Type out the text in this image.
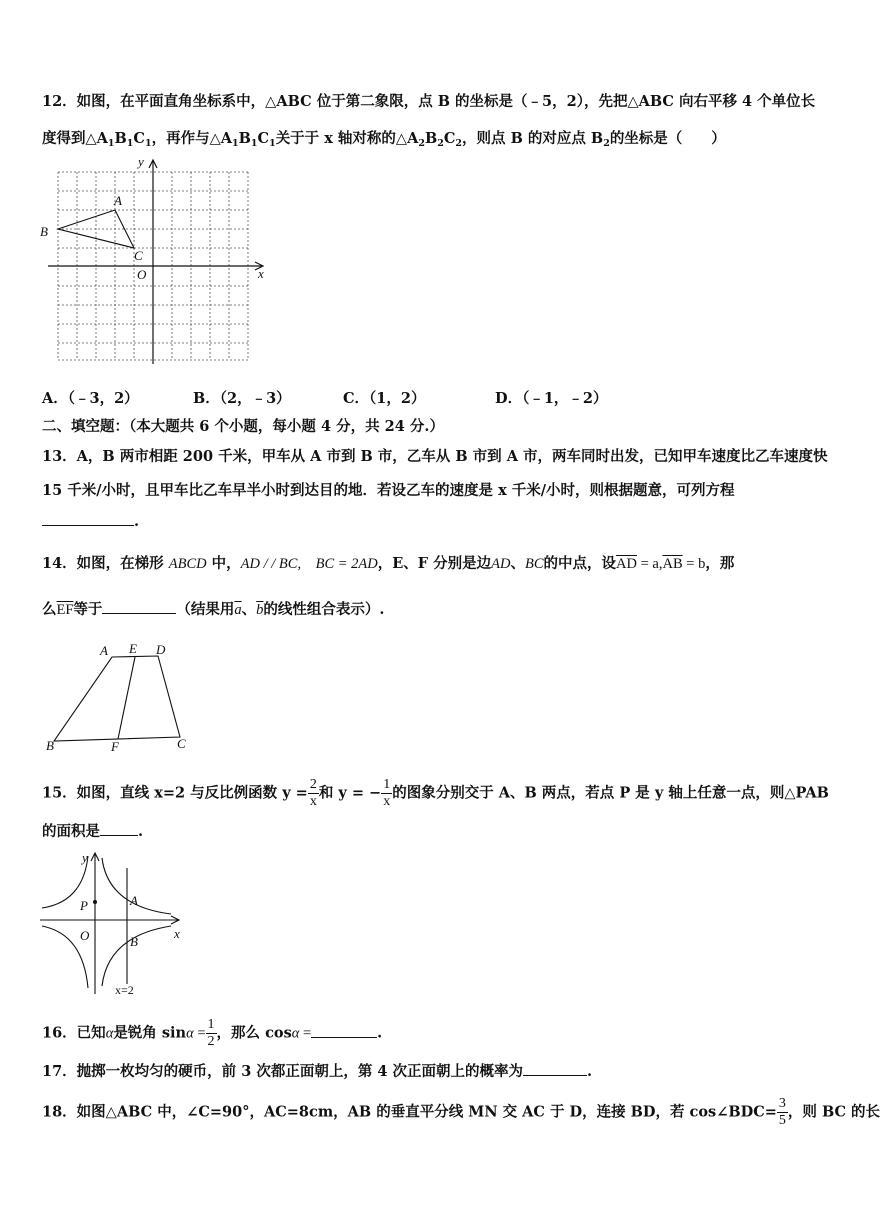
12．如图，在平面直角坐标系中，△ABC 位于第二象限，点 B 的坐标是（﹣5，2），先把△ABC 向右平移 4 个单位长
度得到$\triangle A_1B_1C_1$，再作与$\triangle A_1B_1C_1$关于于 x 轴对称的$\triangle A_2B_2C_2$，则点 B 的对应点 $B_2$的坐标是（　　）
y
x
A
B
C
O
A．（﹣3，2）	B．（2，﹣3）	C．（1，2）	D．（﹣1，﹣2）
二、填空题：（本大题共 6 个小题，每小题 4 分，共 24 分.）
13．A，B 两市相距 200 千米，甲车从 A 市到 B 市，乙车从 B 市到 A 市，两车同时出发，已知甲车速度比乙车速度快
15 千米/小时，且甲车比乙车早半小时到达目的地．若设乙车的速度是 x 千米/小时，则根据题意，可列方程
.
14．如图，在梯形 ABCD 中，AD / / BC,　 BC = 2AD，E、F 分别是边AD、BC的中点，设$\overline{AD} = a,\overline{AB} = b$，那
么$\overline{EF}$等于	（结果用$\overline{a}$、$\overline{b}$的线性组合表示）.
A E D
B	F	C
15．如图，直线 x=2 与反比例函数 $y = \frac{2}{x}$ 和 y = − $\frac{1}{x}$ 的图象分别交于 A、B 两点，若点 P 是 y 轴上任意一点，则△PAB
的面积是	.
y
x
P	A
O	B
x=2
16．已知α是锐角 $\sin\alpha = \frac{1}{2}$ ，那么 cosα =	.
17．抛掷一枚均匀的硬币，前 3 次都正面朝上，第 4 次正面朝上的概率为	.
18．如图△ABC 中，∠C=90°，AC=8cm，AB 的垂直平分线 MN 交 AC 于 D，连接 BD，若 cos∠BDC= $\frac{3}{5}$ ，则 BC 的长
